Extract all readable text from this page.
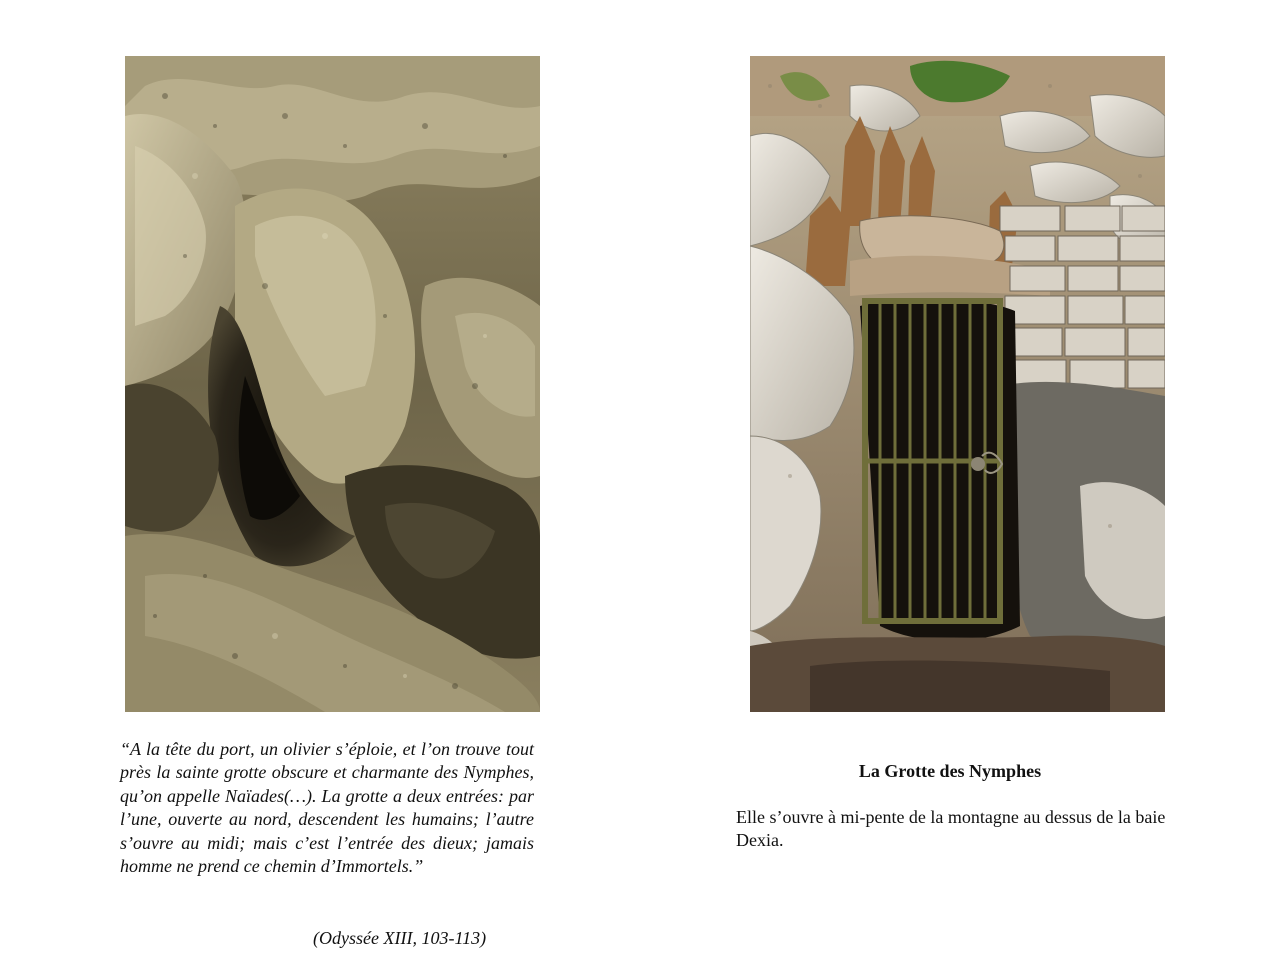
“A la tête du port, un olivier s’éploie, et l’on trouve tout près la sainte grotte obscure et charmante des Nymphes, qu’on appelle Naïades(…). La grotte a deux entrées: par l’une, ouverte au nord, descendent les humains; l’autre s’ouvre au midi; mais c’est l’entrée des dieux; jamais homme ne prend ce chemin d’Immortels.”
(Odyssée XIII, 103-113)
La Grotte des Nymphes
Elle s’ouvre à mi-pente de la montagne au dessus de la baie Dexia.
